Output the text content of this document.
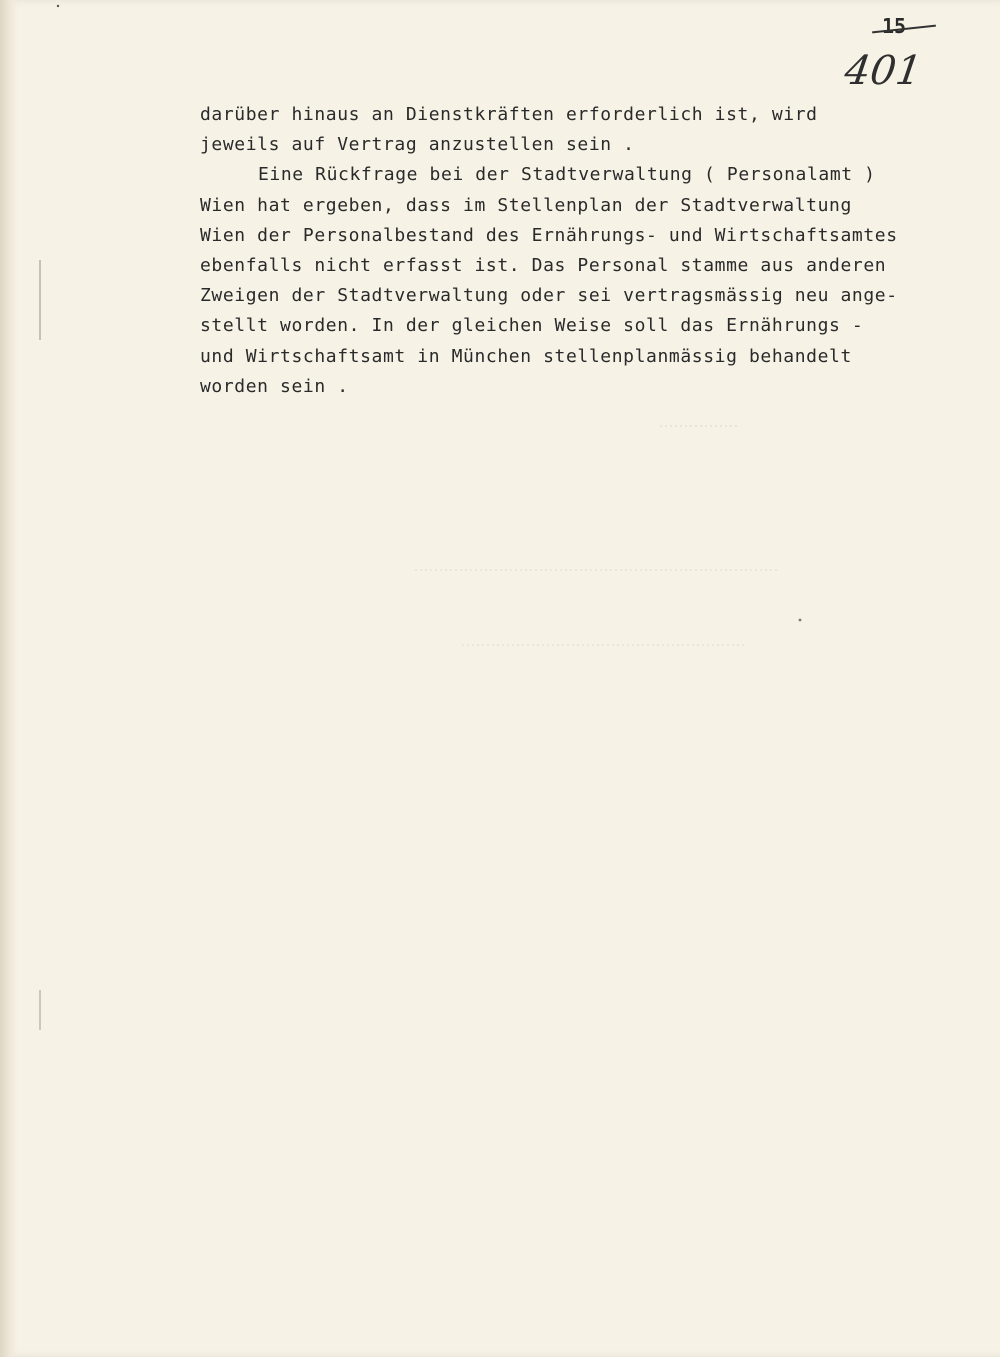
15
401
darüber hinaus an Dienstkräften erforderlich ist, wird
jeweils auf Vertrag anzustellen sein .
Eine Rückfrage bei der Stadtverwaltung ( Personalamt )
Wien hat ergeben, dass im Stellenplan der Stadtverwaltung
Wien der Personalbestand des Ernährungs- und Wirtschaftsamtes
ebenfalls nicht erfasst ist. Das Personal stamme aus anderen
Zweigen der Stadtverwaltung oder sei vertragsmässig neu ange-
stellt worden. In der gleichen Weise soll das Ernährungs -
und Wirtschaftsamt in München stellenplanmässig behandelt
worden sein .
